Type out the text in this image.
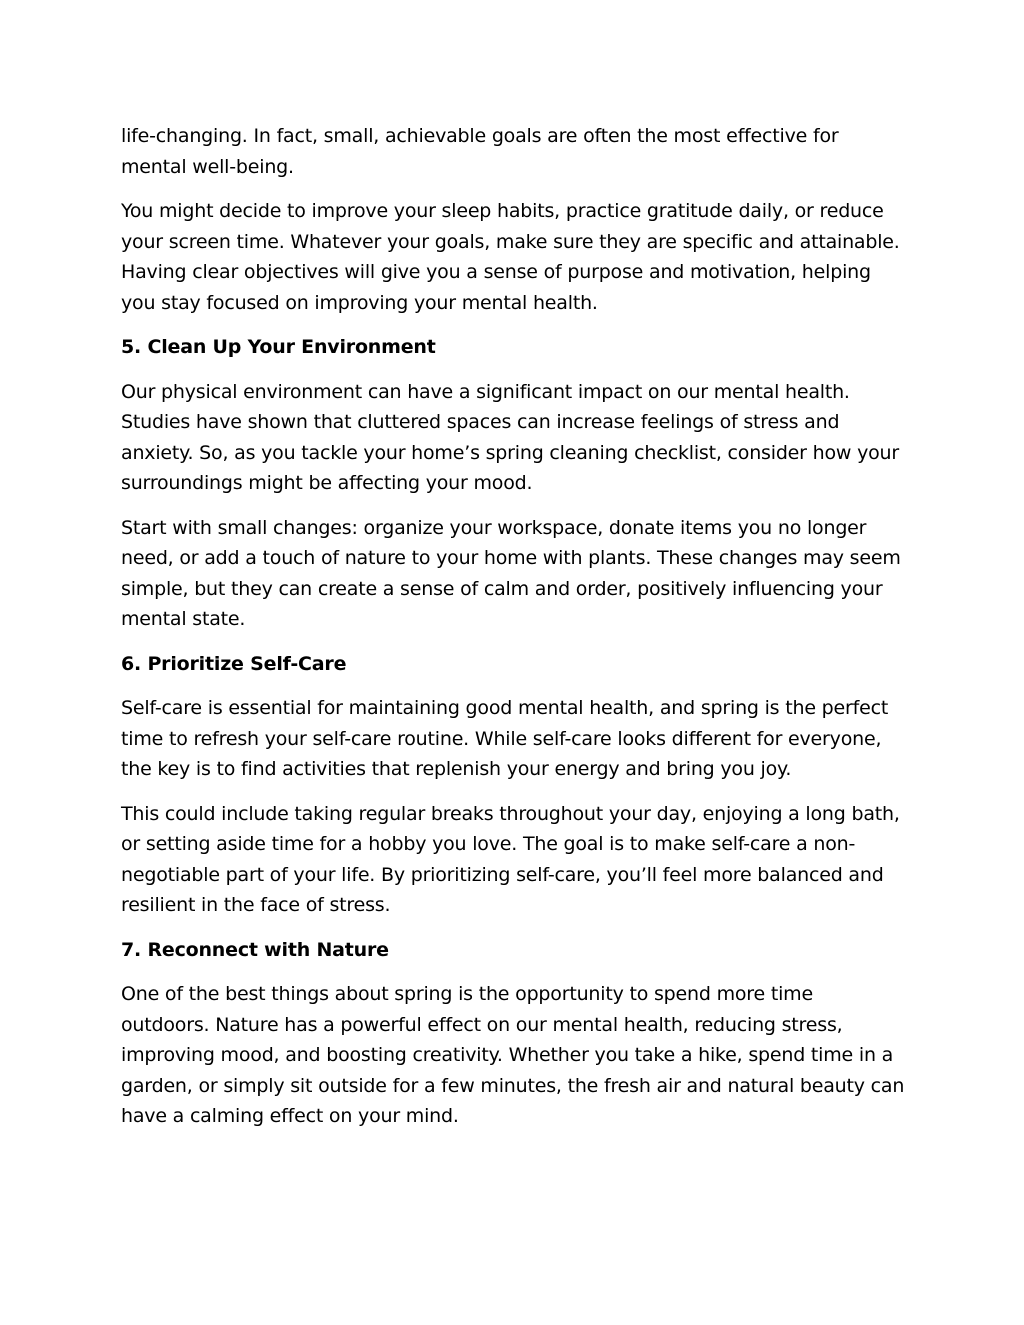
life-changing. In fact, small, achievable goals are often the most effective for mental well-being.

You might decide to improve your sleep habits, practice gratitude daily, or reduce your screen time. Whatever your goals, make sure they are specific and attainable. Having clear objectives will give you a sense of purpose and motivation, helping you stay focused on improving your mental health.

5. Clean Up Your Environment

Our physical environment can have a significant impact on our mental health. Studies have shown that cluttered spaces can increase feelings of stress and anxiety. So, as you tackle your home’s spring cleaning checklist, consider how your surroundings might be affecting your mood.

Start with small changes: organize your workspace, donate items you no longer need, or add a touch of nature to your home with plants. These changes may seem simple, but they can create a sense of calm and order, positively influencing your mental state.

6. Prioritize Self-Care

Self-care is essential for maintaining good mental health, and spring is the perfect time to refresh your self-care routine. While self-care looks different for everyone, the key is to find activities that replenish your energy and bring you joy.

This could include taking regular breaks throughout your day, enjoying a long bath, or setting aside time for a hobby you love. The goal is to make self-care a non-negotiable part of your life. By prioritizing self-care, you’ll feel more balanced and resilient in the face of stress.

7. Reconnect with Nature

One of the best things about spring is the opportunity to spend more time outdoors. Nature has a powerful effect on our mental health, reducing stress, improving mood, and boosting creativity. Whether you take a hike, spend time in a garden, or simply sit outside for a few minutes, the fresh air and natural beauty can have a calming effect on your mind.
